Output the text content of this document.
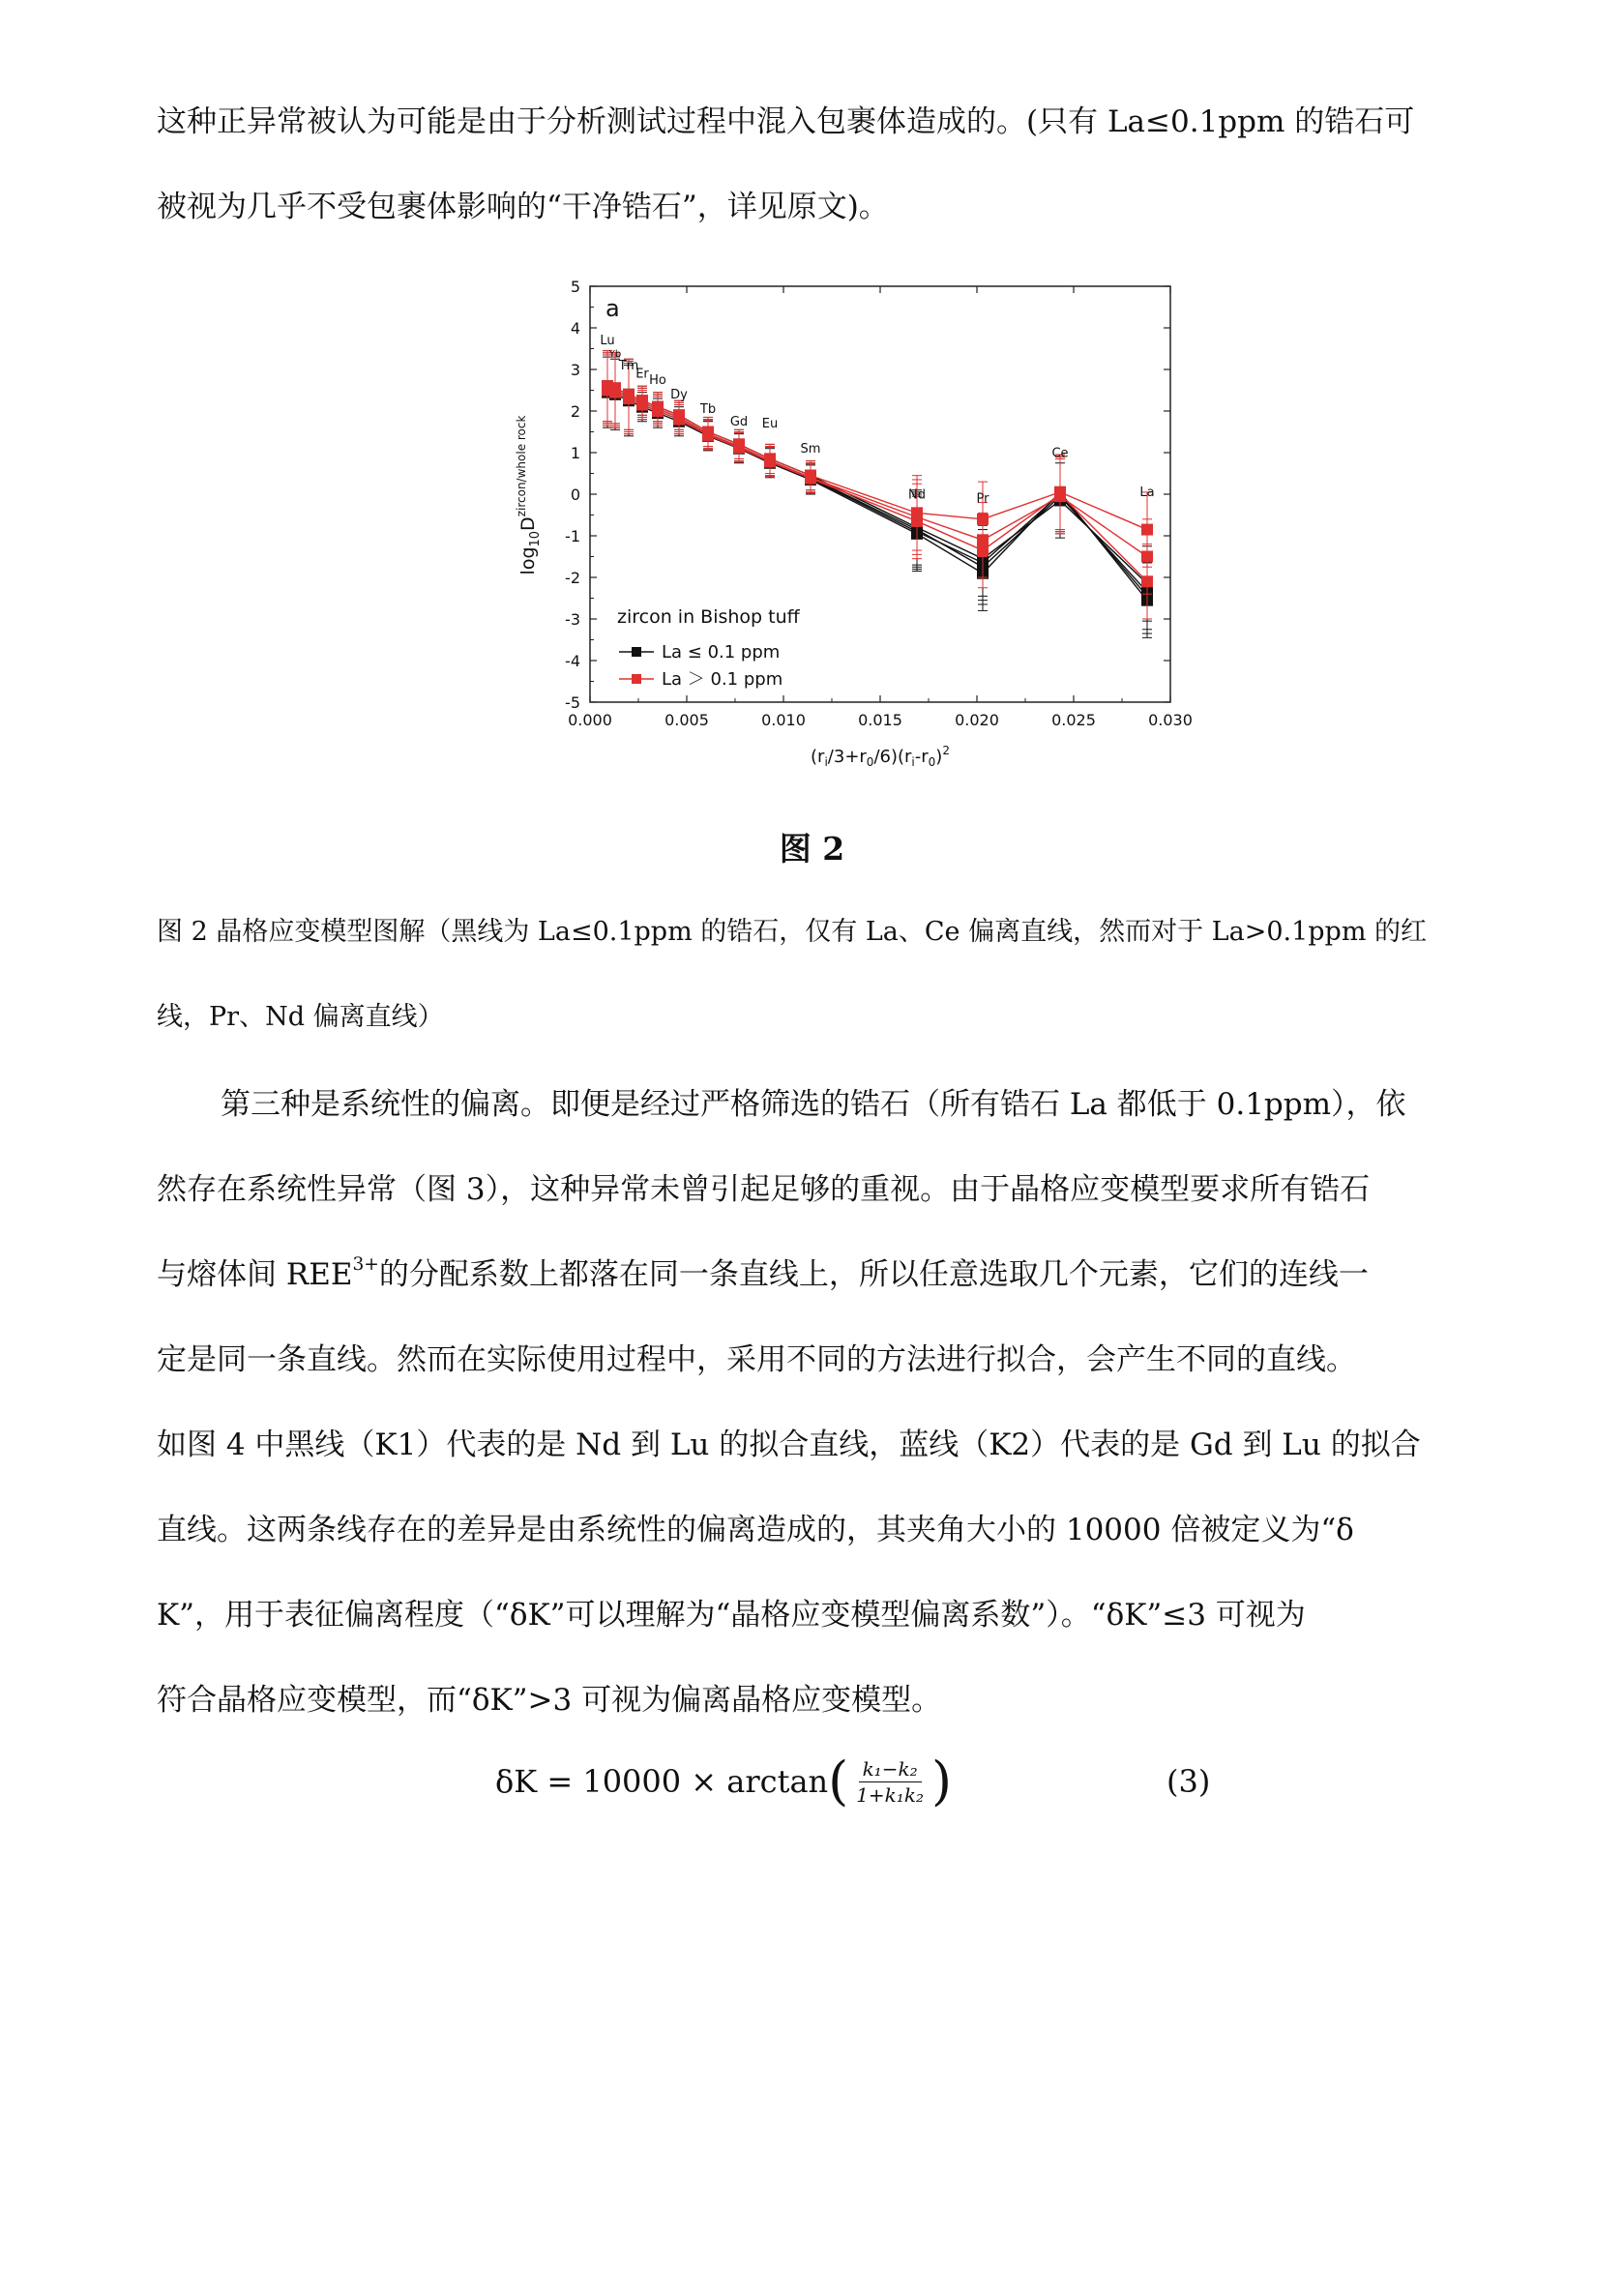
这种正异常被认为可能是由于分析测试过程中混入包裹体造成的。(只有 La≤0.1ppm 的锆石可

被视为几乎不受包裹体影响的“干净锆石”，详见原文)。

5
4
3
2
1
0
-1
-2
-3
-4
-5
0.000	0.005	0.010	0.015	0.020	0.025	0.030
Lu
Yb
Tm
Er Ho
Dy
Tb
Gd Eu
Sm
Nd	Pr
Ce
La
a
zircon in Bishop tuff
La ≤ 0.1 ppm
La ＞ 0.1 ppm
$\log_{10}D^{zircon/whole rock}$
$(r_i/3+r_0/6)(r_i-r_0)^2$

图 2

图 2 晶格应变模型图解（黑线为 La≤0.1ppm 的锆石，仅有 La、Ce 偏离直线，然而对于 La>0.1ppm 的红

线，Pr、Nd 偏离直线）

第三种是系统性的偏离。即便是经过严格筛选的锆石（所有锆石 La 都低于 0.1ppm），依

然存在系统性异常（图 3），这种异常未曾引起足够的重视。由于晶格应变模型要求所有锆石

与熔体间 $REE^{3+}$的分配系数上都落在同一条直线上，所以任意选取几个元素，它们的连线一

定是同一条直线。然而在实际使用过程中，采用不同的方法进行拟合，会产生不同的直线。

如图 4 中黑线（K1）代表的是 Nd 到 Lu 的拟合直线，蓝线（K2）代表的是 Gd 到 Lu 的拟合

直线。这两条线存在的差异是由系统性的偏离造成的，其夹角大小的 10000 倍被定义为“δ

K”，用于表征偏离程度（“δK”可以理解为“晶格应变模型偏离系数”）。“δK”≤3 可视为

符合晶格应变模型，而“δK”>3 可视为偏离晶格应变模型。

δK = 10000 × arctan ( $\frac{\text{k₁−k₂}}{\text{1+k₁k₂}}$ )	(3)
